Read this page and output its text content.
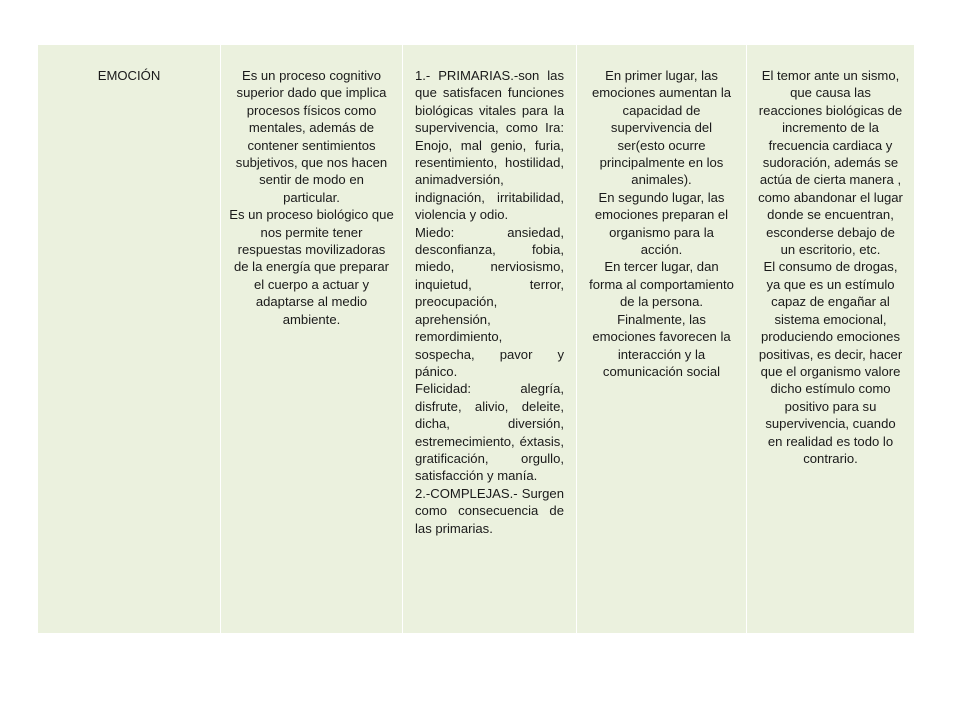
EMOCIÓN	Es un proceso cognitivo superior dado que implica procesos físicos como mentales, además de contener sentimientos subjetivos, que nos hacen sentir de modo en particular.

Es un proceso biológico que nos permite tener respuestas movilizadoras de la energía que preparar el cuerpo a actuar y adaptarse al medio ambiente.

1.- PRIMARIAS.-son las que satisfacen funciones biológicas vitales para la supervivencia, como Ira: Enojo, mal genio, furia, resentimiento, hostilidad, animadversión, indignación, irritabilidad, violencia y odio.

Miedo: ansiedad, desconfianza, fobia, miedo, nerviosismo, inquietud, terror, preocupación, aprehensión, remordimiento, sospecha, pavor y pánico.

Felicidad: alegría, disfrute, alivio, deleite, dicha, diversión, estremecimiento, éxtasis, gratificación, orgullo, satisfacción y manía.

2.-COMPLEJAS.- Surgen como consecuencia de las primarias.

En primer lugar, las emociones aumentan la capacidad de supervivencia del ser(esto ocurre principalmente en los animales).

En segundo lugar, las emociones preparan el organismo para la acción.

En tercer lugar, dan forma al comportamiento de la persona.

Finalmente, las emociones favorecen la interacción y la comunicación social

El temor ante un sismo, que causa las reacciones biológicas de incremento de la frecuencia cardiaca y sudoración, además se actúa de cierta manera , como abandonar el lugar donde se encuentran, esconderse debajo de un escritorio, etc.

El consumo de drogas, ya que es un estímulo capaz de engañar al sistema emocional, produciendo emociones positivas, es decir, hacer que el organismo valore dicho estímulo como positivo para su supervivencia, cuando en realidad es todo lo contrario.
